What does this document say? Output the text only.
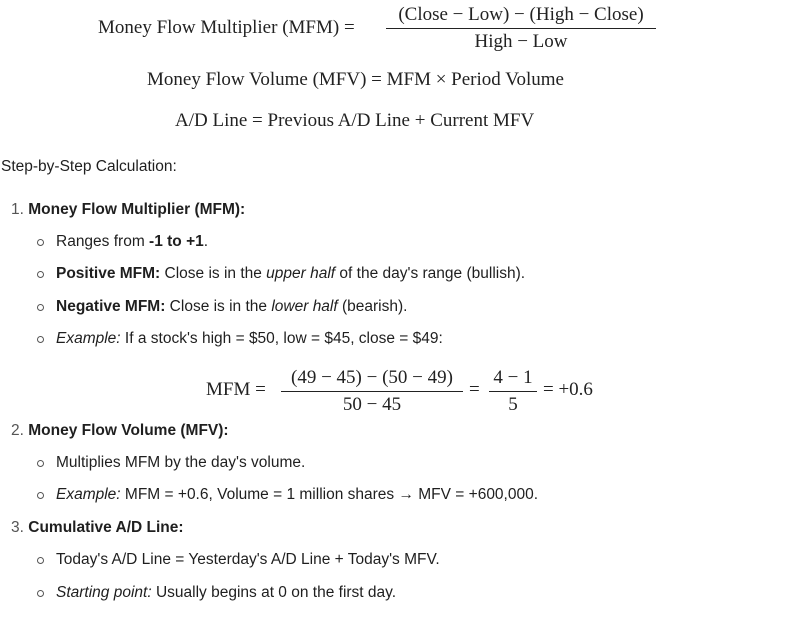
Money Flow Multiplier (MFM) =
(Close − Low) − (High − Close)
High − Low
Money Flow Volume (MFV) = MFM × Period Volume
A/D Line = Previous A/D Line + Current MFV
Step-by-Step Calculation:
1. Money Flow Multiplier (MFM):
Ranges from -1 to +1.
Positive MFM: Close is in the upper half of the day's range (bullish).
Negative MFM: Close is in the lower half (bearish).
Example: If a stock's high = $50, low = $45, close = $49:
MFM =
(49 − 45) − (50 − 49)
50 − 45
=
4 − 1
5
= +0.6
2. Money Flow Volume (MFV):
Multiplies MFM by the day's volume.
Example: MFM = +0.6, Volume = 1 million shares → MFV = +600,000.
3. Cumulative A/D Line:
Today's A/D Line = Yesterday's A/D Line + Today's MFV.
Starting point: Usually begins at 0 on the first day.
